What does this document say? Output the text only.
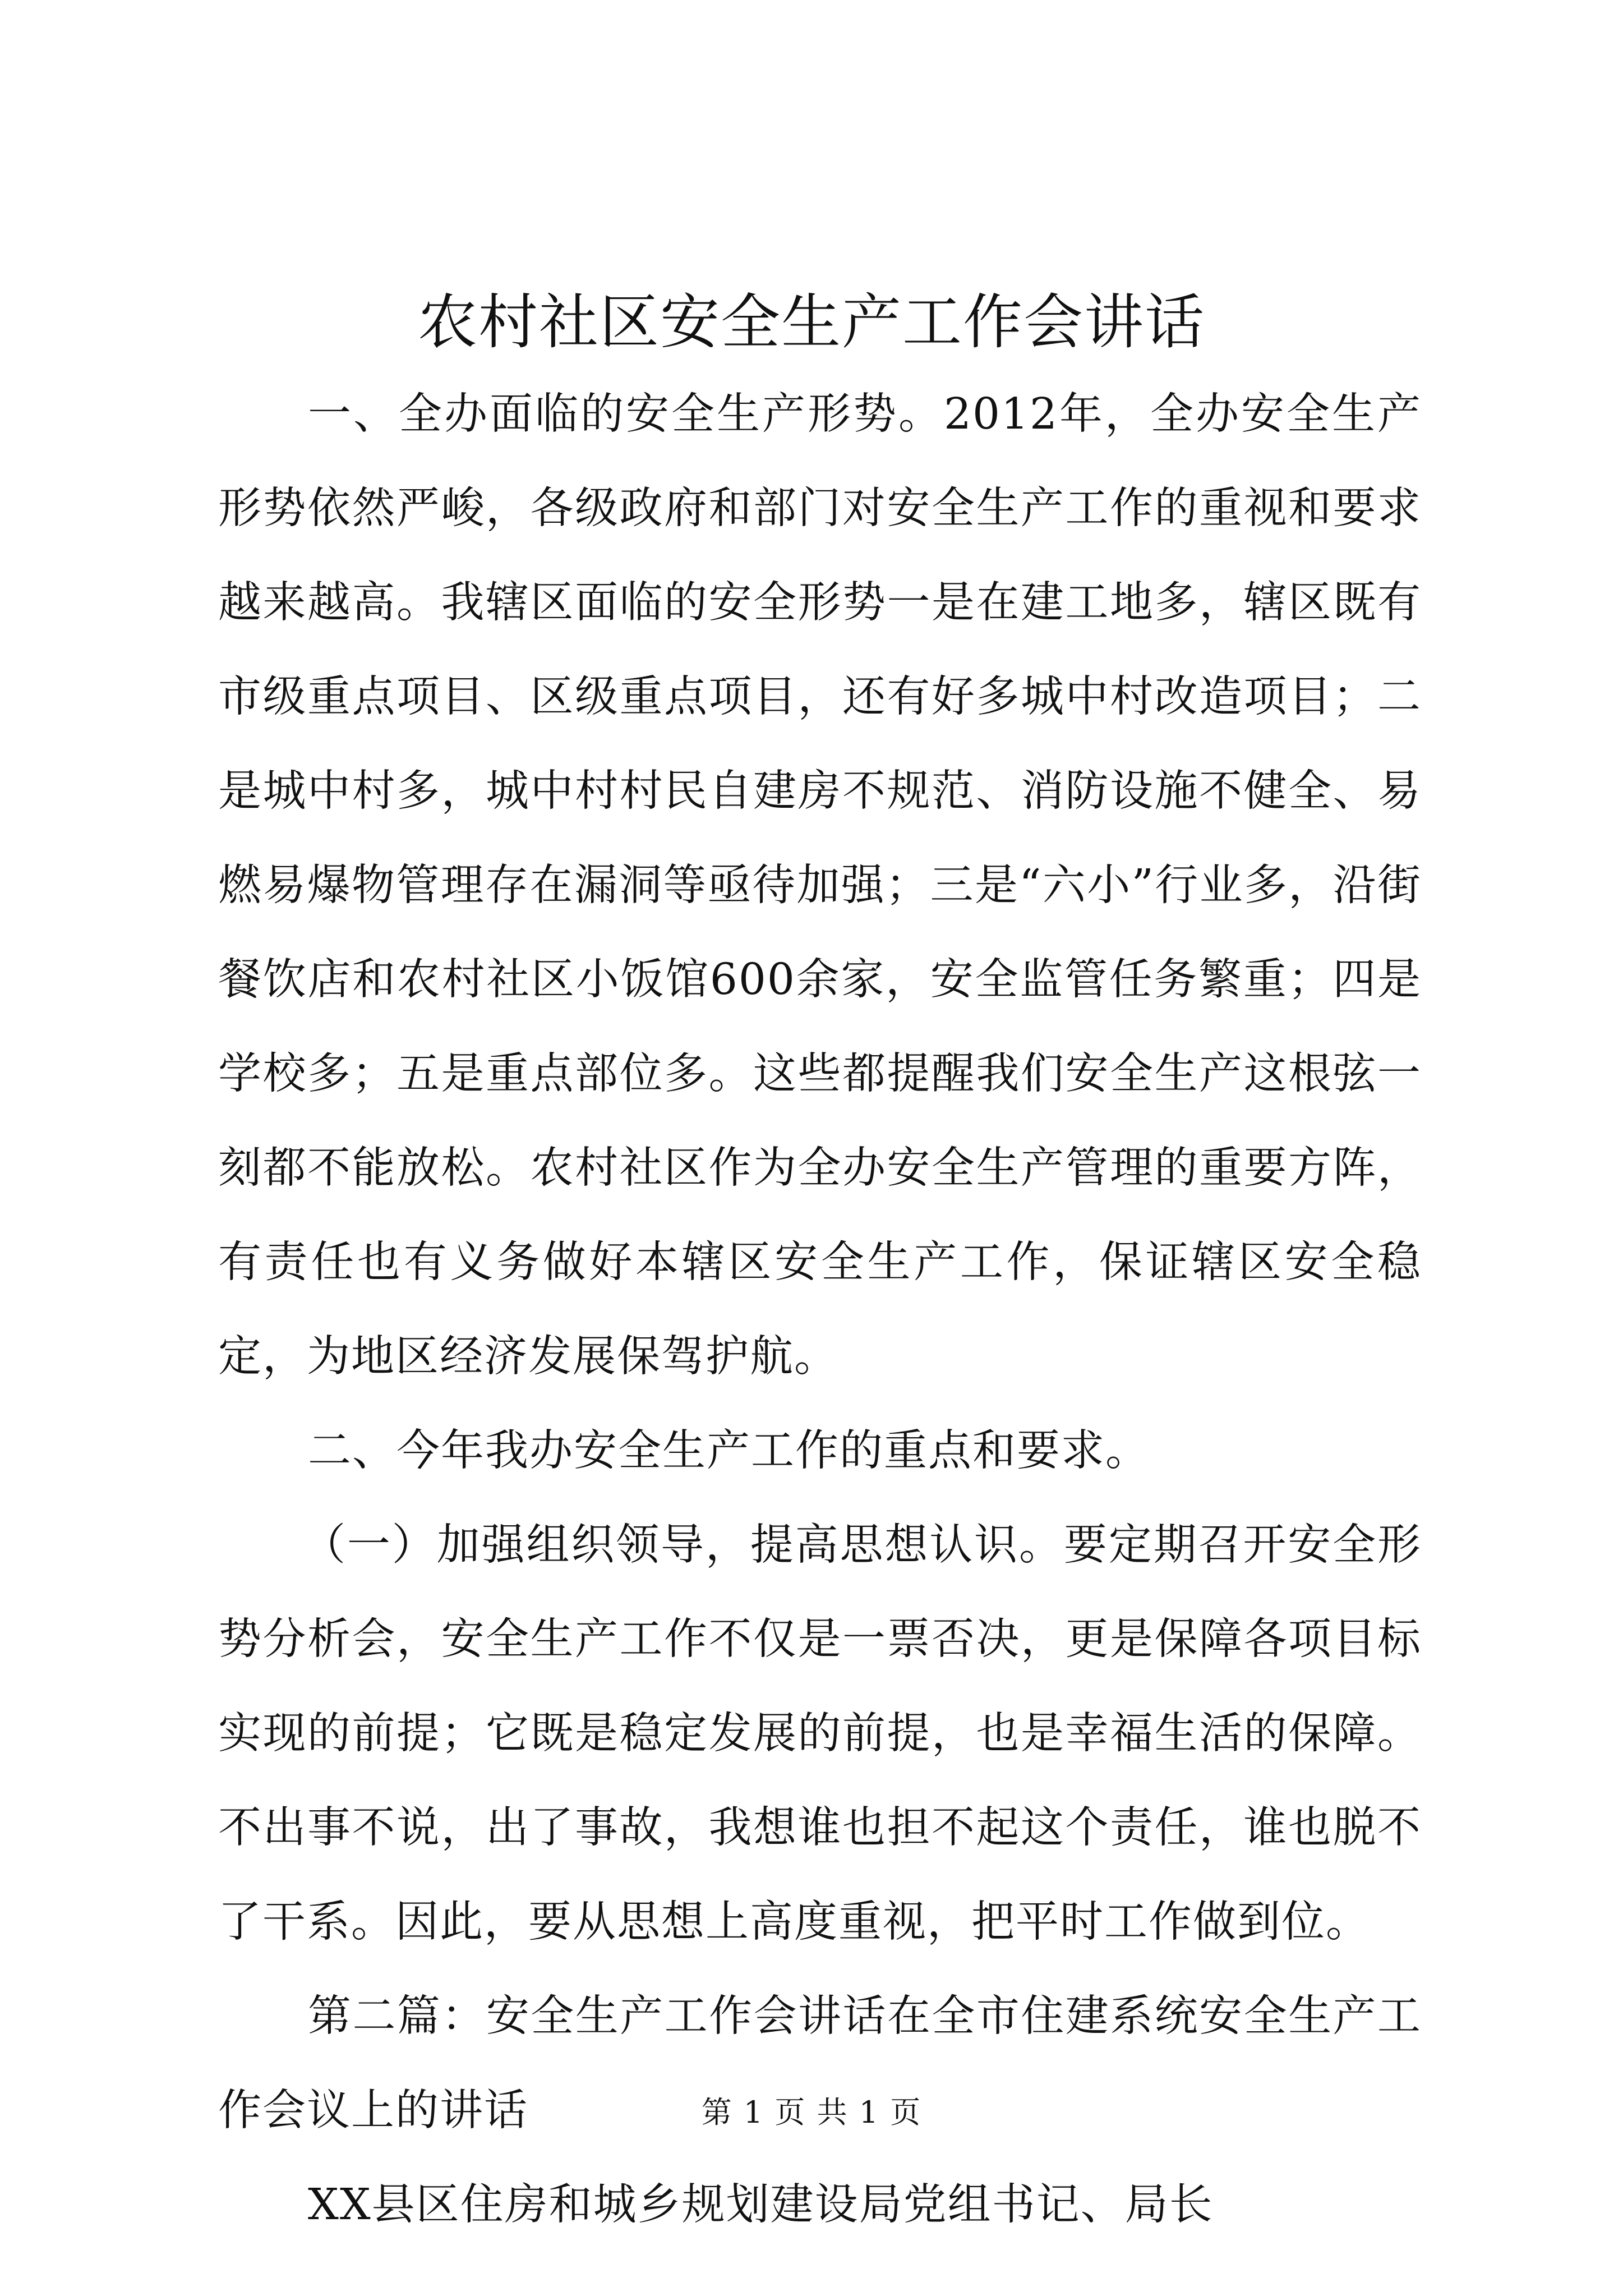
农村社区安全生产工作会讲话

一、全办面临的安全生产形势。2012年，全办安全生产形势依然严峻，各级政府和部门对安全生产工作的重视和要求越来越高。我辖区面临的安全形势一是在建工地多，辖区既有市级重点项目、区级重点项目，还有好多城中村改造项目；二是城中村多，城中村村民自建房不规范、消防设施不健全、易燃易爆物管理存在漏洞等亟待加强；三是“六小”行业多，沿街餐饮店和农村社区小饭馆600余家，安全监管任务繁重；四是学校多；五是重点部位多。这些都提醒我们安全生产这根弦一刻都不能放松。农村社区作为全办安全生产管理的重要方阵，有责任也有义务做好本辖区安全生产工作，保证辖区安全稳定，为地区经济发展保驾护航。

二、今年我办安全生产工作的重点和要求。

（一）加强组织领导，提高思想认识。要定期召开安全形势分析会，安全生产工作不仅是一票否决，更是保障各项目标实现的前提；它既是稳定发展的前提，也是幸福生活的保障。不出事不说，出了事故，我想谁也担不起这个责任，谁也脱不了干系。因此，要从思想上高度重视，把平时工作做到位。

第二篇：安全生产工作会讲话在全市住建系统安全生产工作会议上的讲话

XX县区住房和城乡规划建设局党组书记、局长

第 1 页 共 1 页
